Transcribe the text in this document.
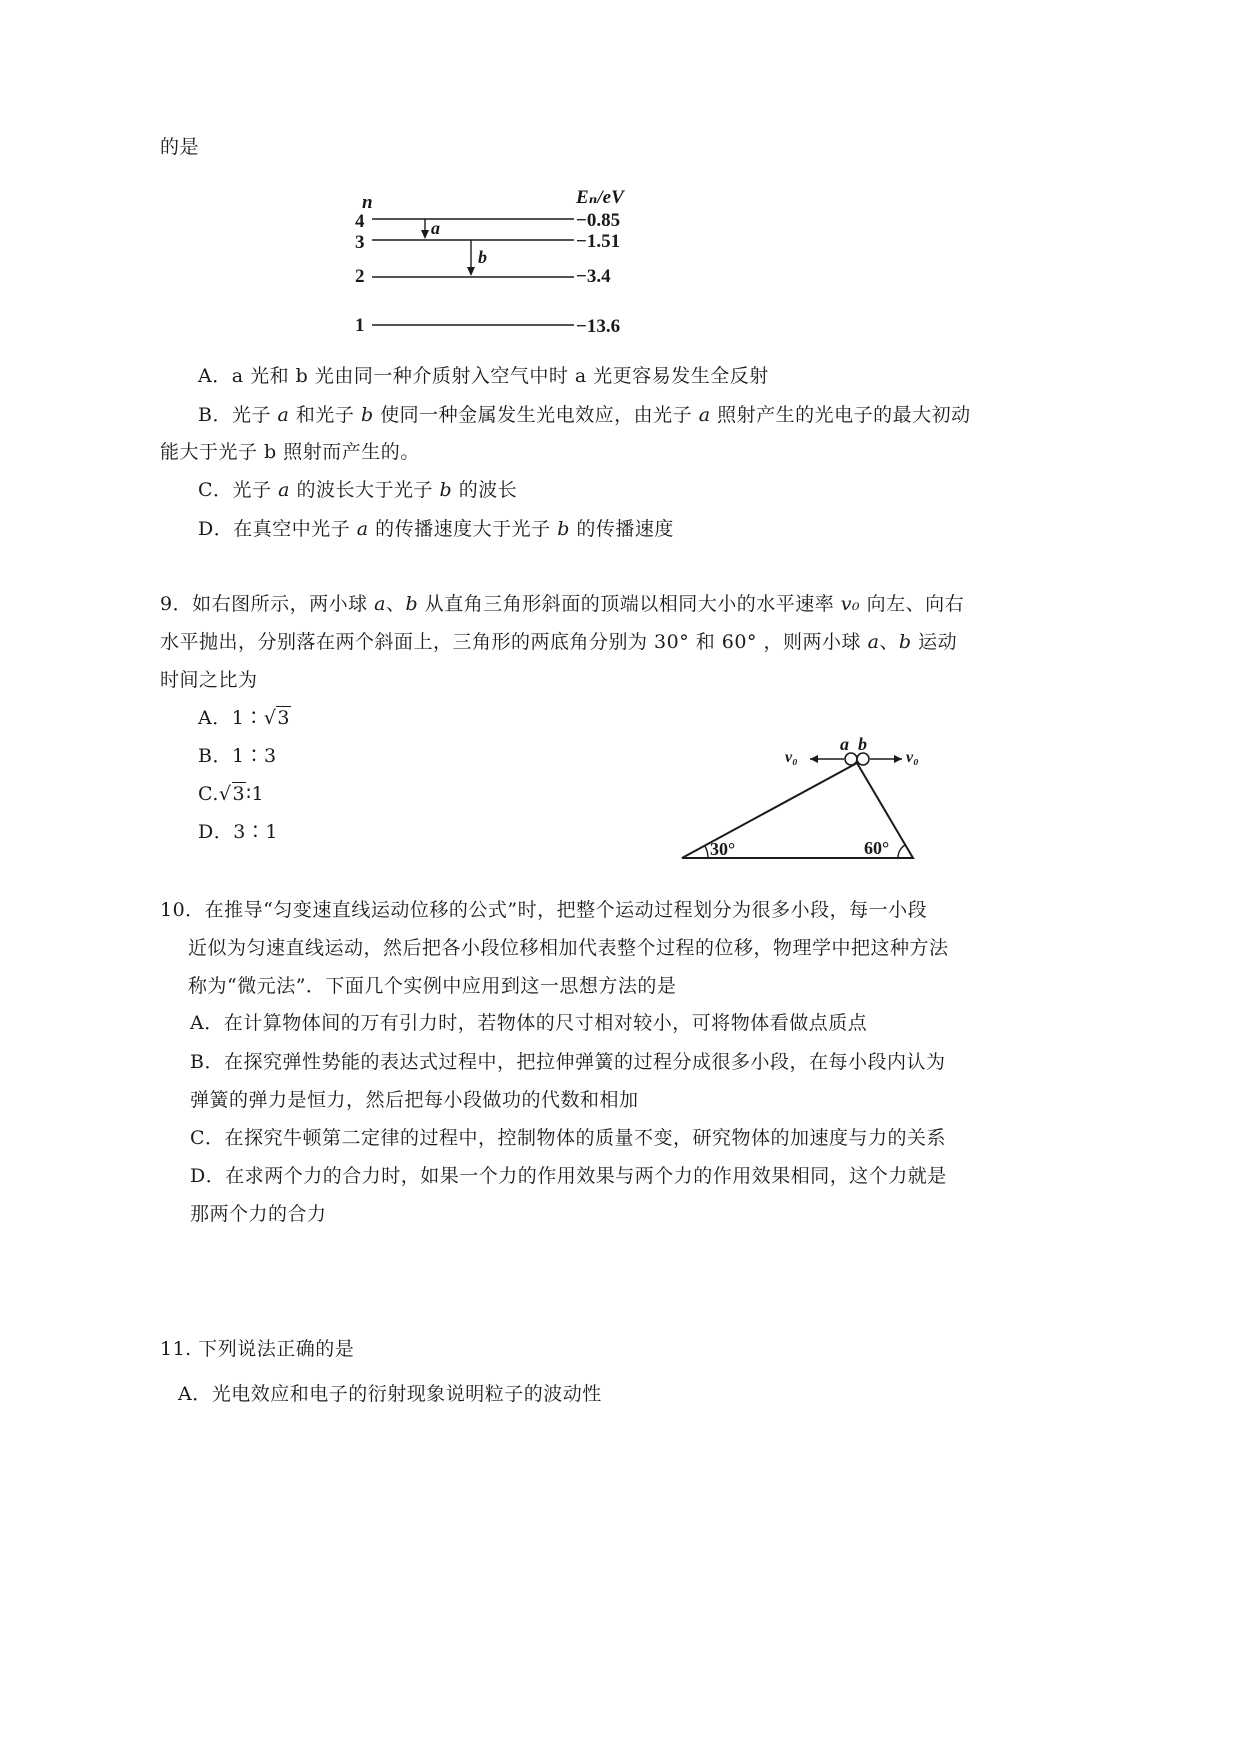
的是
n	Eₙ/eV
4	−0.85
3	−1.51
2	−3.4
1	−13.6
a
b
A．a 光和 b 光由同一种介质射入空气中时 a 光更容易发生全反射
B．光子 a 和光子 b 使同一种金属发生光电效应，由光子 a 照射产生的光电子的最大初动
能大于光子 b 照射而产生的。
C．光子 a 的波长大于光子 b 的波长
D．在真空中光子 a 的传播速度大于光子 b 的传播速度
9．如右图所示，两小球 a、b 从直角三角形斜面的顶端以相同大小的水平速率 v₀ 向左、向右
水平抛出，分别落在两个斜面上，三角形的两底角分别为 30° 和 60° ，则两小球 a、b 运动
时间之比为
A．1∶√3
B．1∶3
C.√3∶1
D．3∶1
a b
v₀	v₀
30°	60°
10．在推导“匀变速直线运动位移的公式”时，把整个运动过程划分为很多小段，每一小段
近似为匀速直线运动，然后把各小段位移相加代表整个过程的位移，物理学中把这种方法
称为“微元法”．下面几个实例中应用到这一思想方法的是
A．在计算物体间的万有引力时，若物体的尺寸相对较小，可将物体看做点质点
B．在探究弹性势能的表达式过程中，把拉伸弹簧的过程分成很多小段，在每小段内认为
弹簧的弹力是恒力，然后把每小段做功的代数和相加
C．在探究牛顿第二定律的过程中，控制物体的质量不变，研究物体的加速度与力的关系
D．在求两个力的合力时，如果一个力的作用效果与两个力的作用效果相同，这个力就是
那两个力的合力
11. 下列说法正确的是
A．光电效应和电子的衍射现象说明粒子的波动性
